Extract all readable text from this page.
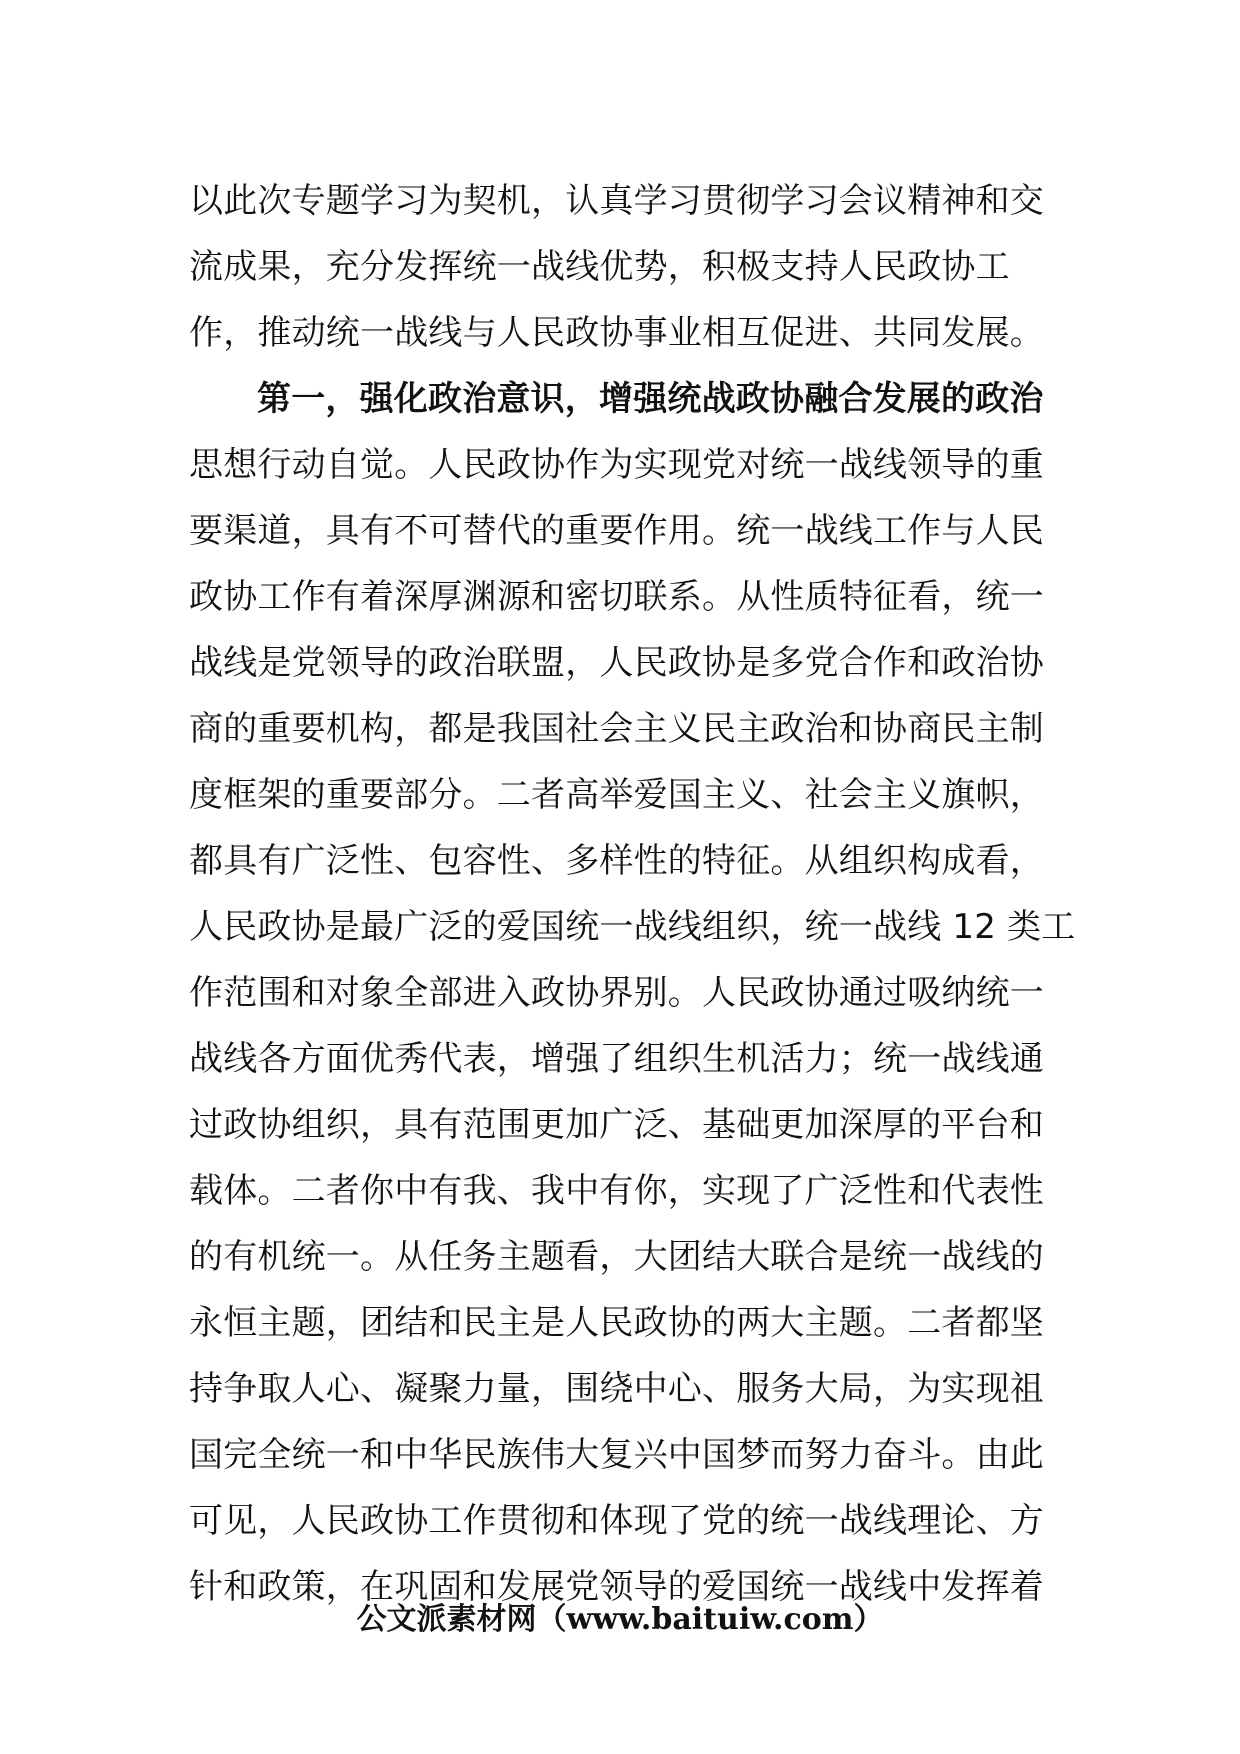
以此次专题学习为契机，认真学习贯彻学习会议精神和交
流成果，充分发挥统一战线优势，积极支持人民政协工
作，推动统一战线与人民政协事业相互促进、共同发展。
第一，强化政治意识，增强统战政协融合发展的政治
思想行动自觉。人民政协作为实现党对统一战线领导的重
要渠道，具有不可替代的重要作用。统一战线工作与人民
政协工作有着深厚渊源和密切联系。从性质特征看，统一
战线是党领导的政治联盟，人民政协是多党合作和政治协
商的重要机构，都是我国社会主义民主政治和协商民主制
度框架的重要部分。二者高举爱国主义、社会主义旗帜，
都具有广泛性、包容性、多样性的特征。从组织构成看，
人民政协是最广泛的爱国统一战线组织，统一战线 12 类工
作范围和对象全部进入政协界别。人民政协通过吸纳统一
战线各方面优秀代表，增强了组织生机活力；统一战线通
过政协组织，具有范围更加广泛、基础更加深厚的平台和
载体。二者你中有我、我中有你，实现了广泛性和代表性
的有机统一。从任务主题看，大团结大联合是统一战线的
永恒主题，团结和民主是人民政协的两大主题。二者都坚
持争取人心、凝聚力量，围绕中心、服务大局，为实现祖
国完全统一和中华民族伟大复兴中国梦而努力奋斗。由此
可见，人民政协工作贯彻和体现了党的统一战线理论、方
针和政策，在巩固和发展党领导的爱国统一战线中发挥着
公文派素材网（www.baituiw.com）
